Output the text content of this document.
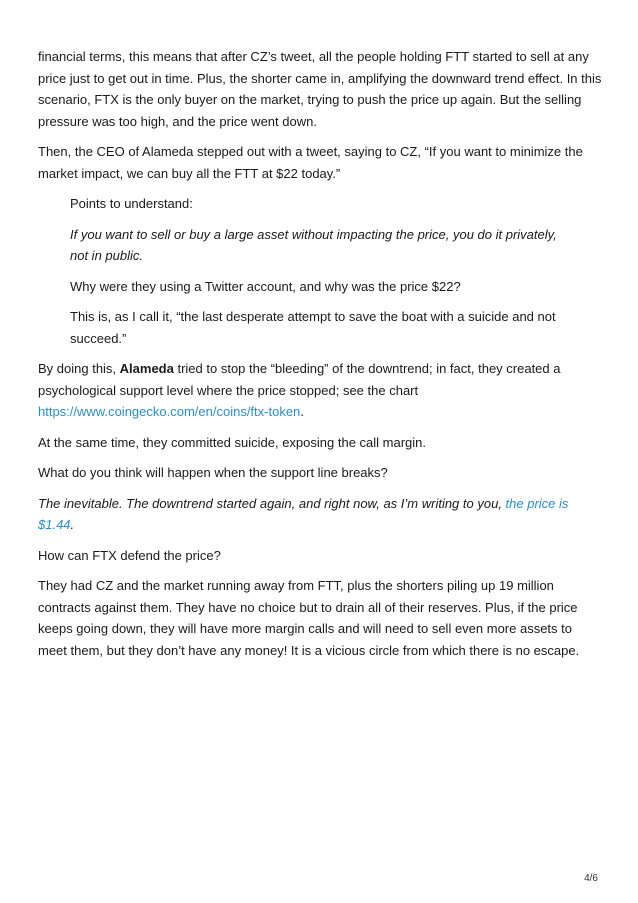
financial terms, this means that after CZ’s tweet, all the people holding FTT started to sell at any price just to get out in time. Plus, the shorter came in, amplifying the downward trend effect. In this scenario, FTX is the only buyer on the market, trying to push the price up again. But the selling pressure was too high, and the price went down.

Then, the CEO of Alameda stepped out with a tweet, saying to CZ, “If you want to minimize the market impact, we can buy all the FTT at $22 today.”

Points to understand:

If you want to sell or buy a large asset without impacting the price, you do it privately, not in public.

Why were they using a Twitter account, and why was the price $22?

This is, as I call it, “the last desperate attempt to save the boat with a suicide and not succeed.”

By doing this, Alameda tried to stop the “bleeding” of the downtrend; in fact, they created a psychological support level where the price stopped; see the chart https://www.coingecko.com/en/coins/ftx-token.

At the same time, they committed suicide, exposing the call margin.

What do you think will happen when the support line breaks?

The inevitable. The downtrend started again, and right now, as I’m writing to you, the price is $1.44.

How can FTX defend the price?

They had CZ and the market running away from FTT, plus the shorters piling up 19 million contracts against them. They have no choice but to drain all of their reserves. Plus, if the price keeps going down, they will have more margin calls and will need to sell even more assets to meet them, but they don’t have any money! It is a vicious circle from which there is no escape.

4/6
